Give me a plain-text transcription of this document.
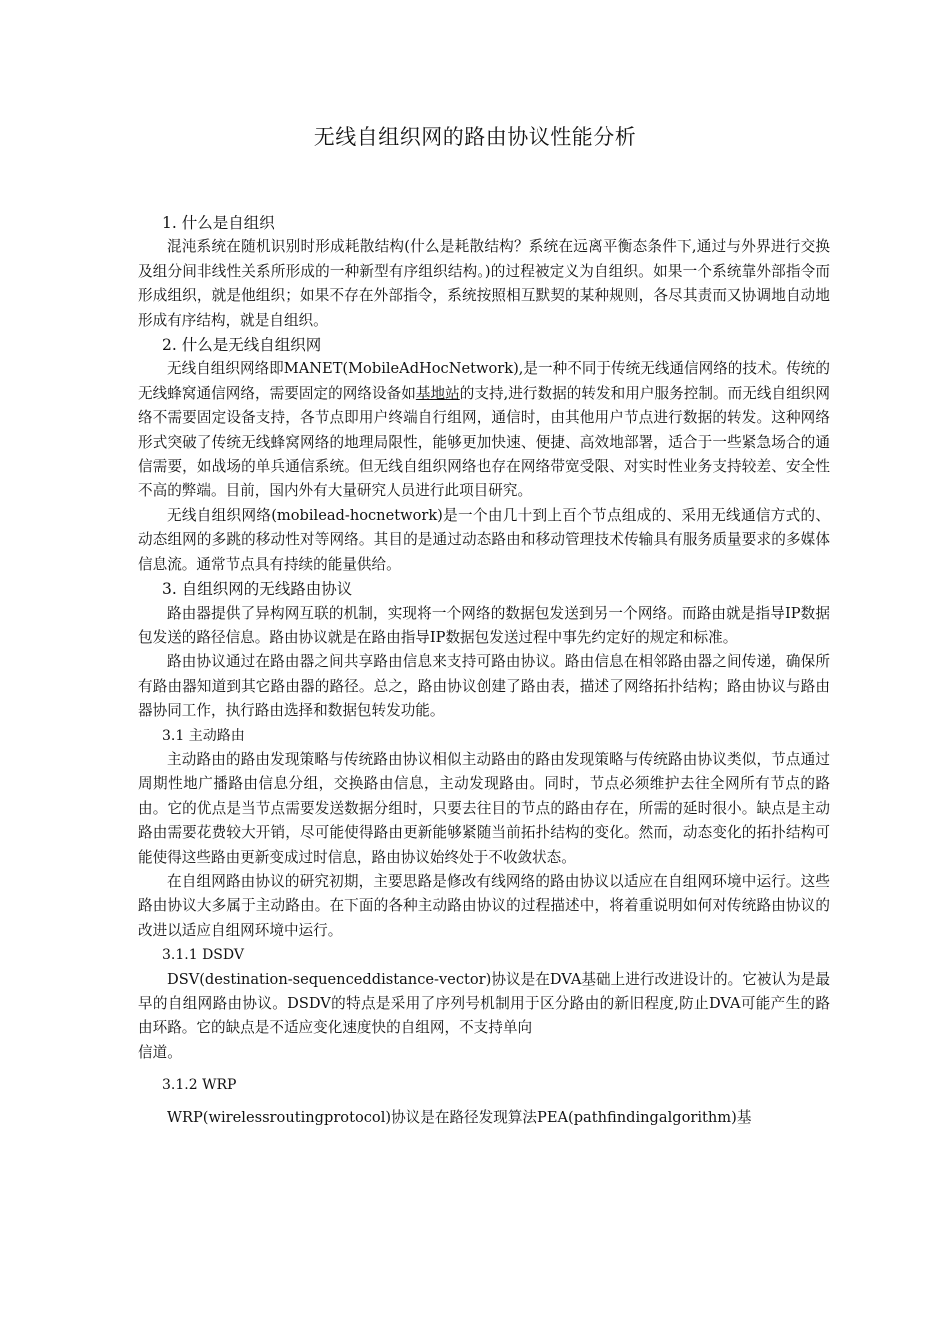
无线自组织网的路由协议性能分析

1. 什么是自组织

混沌系统在随机识别时形成耗散结构(什么是耗散结构？系统在远离平衡态条件下,通过与外界进行交换及组分间非线性关系所形成的一种新型有序组织结构。)的过程被定义为自组织。如果一个系统靠外部指令而形成组织，就是他组织；如果不存在外部指令，系统按照相互默契的某种规则，各尽其责而又协调地自动地形成有序结构，就是自组织。

2. 什么是无线自组织网

无线自组织网络即MANET(MobileAdHocNetwork),是一种不同于传统无线通信网络的技术。传统的无线蜂窝通信网络，需要固定的网络设备如基地站的支持,进行数据的转发和用户服务控制。而无线自组织网络不需要固定设备支持，各节点即用户终端自行组网，通信时，由其他用户节点进行数据的转发。这种网络形式突破了传统无线蜂窝网络的地理局限性，能够更加快速、便捷、高效地部署，适合于一些紧急场合的通信需要，如战场的单兵通信系统。但无线自组织网络也存在网络带宽受限、对实时性业务支持较差、安全性不高的弊端。目前，国内外有大量研究人员进行此项目研究。

无线自组织网络(mobilead-hocnetwork)是一个由几十到上百个节点组成的、采用无线通信方式的、动态组网的多跳的移动性对等网络。其目的是通过动态路由和移动管理技术传输具有服务质量要求的多媒体信息流。通常节点具有持续的能量供给。

3. 自组织网的无线路由协议

路由器提供了异构网互联的机制，实现将一个网络的数据包发送到另一个网络。而路由就是指导IP数据包发送的路径信息。路由协议就是在路由指导IP数据包发送过程中事先约定好的规定和标准。

路由协议通过在路由器之间共享路由信息来支持可路由协议。路由信息在相邻路由器之间传递，确保所有路由器知道到其它路由器的路径。总之，路由协议创建了路由表，描述了网络拓扑结构；路由协议与路由器协同工作，执行路由选择和数据包转发功能。

3.1 主动路由

主动路由的路由发现策略与传统路由协议相似主动路由的路由发现策略与传统路由协议类似，节点通过周期性地广播路由信息分组，交换路由信息，主动发现路由。同时，节点必须维护去往全网所有节点的路由。它的优点是当节点需要发送数据分组时，只要去往目的节点的路由存在，所需的延时很小。缺点是主动路由需要花费较大开销，尽可能使得路由更新能够紧随当前拓扑结构的变化。然而，动态变化的拓扑结构可能使得这些路由更新变成过时信息，路由协议始终处于不收敛状态。

在自组网路由协议的研究初期，主要思路是修改有线网络的路由协议以适应在自组网环境中运行。这些路由协议大多属于主动路由。在下面的各种主动路由协议的过程描述中，将着重说明如何对传统路由协议的改进以适应自组网环境中运行。

3.1.1 DSDV

DSV(destination-sequenceddistance-vector)协议是在DVA基础上进行改进设计的。它被认为是最早的自组网路由协议。DSDV的特点是采用了序列号机制用于区分路由的新旧程度,防止DVA可能产生的路由环路。它的缺点是不适应变化速度快的自组网，不支持单向

信道。

3.1.2 WRP

WRP(wirelessroutingprotocol)协议是在路径发现算法PEA(pathfindingalgorithm)基
